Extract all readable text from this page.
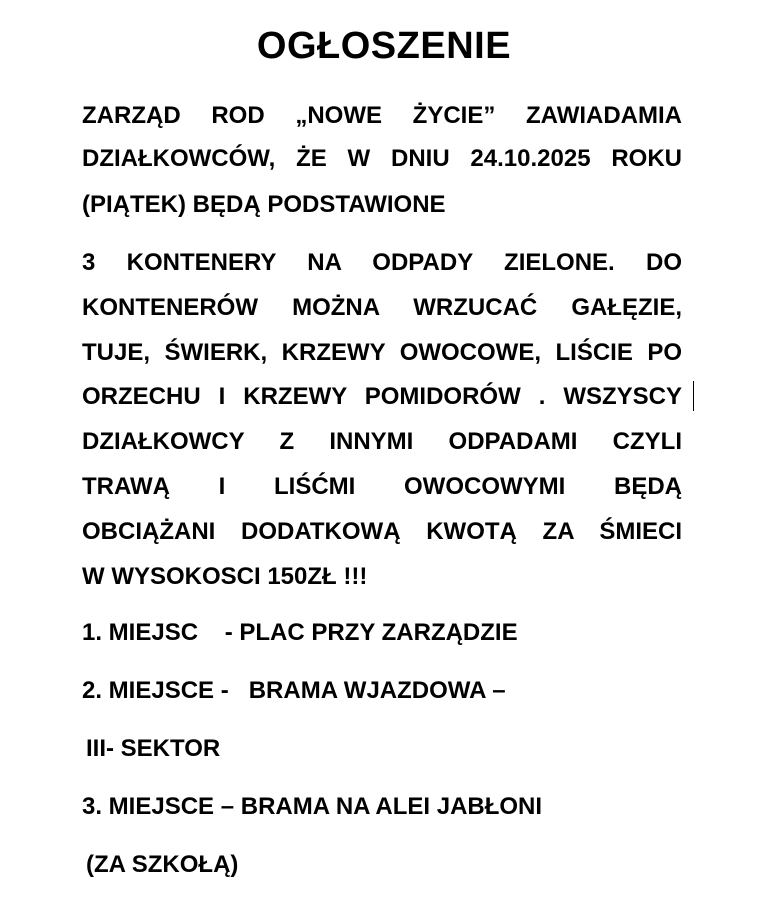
OGŁOSZENIE
ZARZĄD ROD „NOWE ŻYCIE” ZAWIADAMIA
DZIAŁKOWCÓW, ŻE W DNIU 24.10.2025 ROKU
(PIĄTEK) BĘDĄ PODSTAWIONE
3 KONTENERY NA ODPADY ZIELONE. DO
KONTENERÓW MOŻNA WRZUCAĆ GAŁĘZIE,
TUJE, ŚWIERK, KRZEWY OWOCOWE, LIŚCIE PO
ORZECHU I KRZEWY POMIDORÓW . WSZYSCY
DZIAŁKOWCY Z INNYMI ODPADAMI CZYLI
TRAWĄ I LIŚĆMI OWOCOWYMI BĘDĄ
OBCIĄŻANI DODATKOWĄ KWOTĄ ZA ŚMIECI
W WYSOKOSCI 150ZŁ !!!
1. MIEJSC    - PLAC PRZY ZARZĄDZIE
2. MIEJSCE -   BRAMA WJAZDOWA –
III- SEKTOR
3. MIEJSCE – BRAMA NA ALEI JABŁONI
(ZA SZKOŁĄ)
